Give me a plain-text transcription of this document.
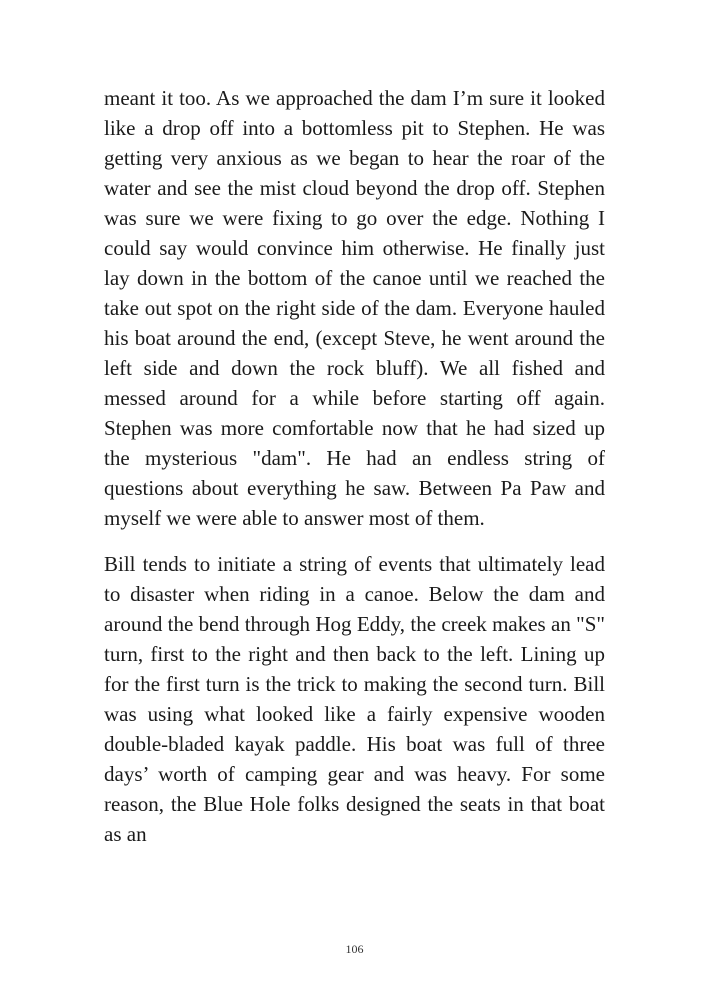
meant it too. As we approached the dam I’m sure it looked like a drop off into a bottomless pit to Stephen. He was getting very anxious as we began to hear the roar of the water and see the mist cloud beyond the drop off. Stephen was sure we were fixing to go over the edge. Nothing I could say would convince him otherwise. He finally just lay down in the bottom of the canoe until we reached the take out spot on the right side of the dam. Everyone hauled his boat around the end, (except Steve, he went around the left side and down the rock bluff). We all fished and messed around for a while before starting off again. Stephen was more comfortable now that he had sized up the mysterious "dam". He had an endless string of questions about everything he saw. Between Pa Paw and myself we were able to answer most of them.

Bill tends to initiate a string of events that ultimately lead to disaster when riding in a canoe. Below the dam and around the bend through Hog Eddy, the creek makes an "S" turn, first to the right and then back to the left. Lining up for the first turn is the trick to making the second turn. Bill was using what looked like a fairly expensive wooden double-bladed kayak paddle. His boat was full of three days’ worth of camping gear and was heavy. For some reason, the Blue Hole folks designed the seats in that boat as an

106
